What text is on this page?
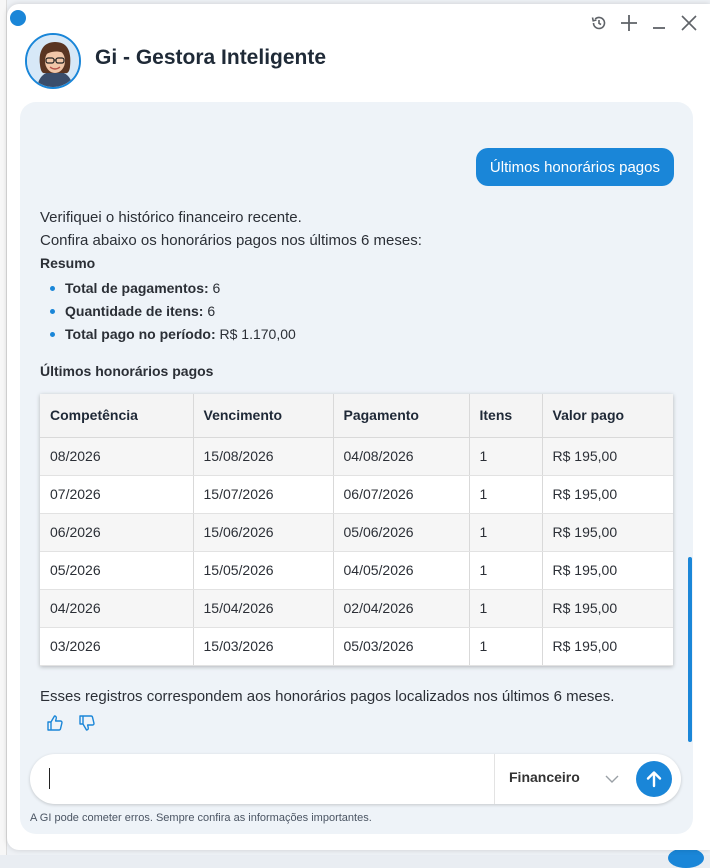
Gi - Gestora Inteligente
Últimos honorários pagos

Verifiquei o histórico financeiro recente.

Confira abaixo os honorários pagos nos últimos 6 meses:

Resumo

Total de pagamentos: 6
Quantidade de itens: 6
Total pago no período: R$ 1.170,00

Últimos honorários pagos

Competência	Vencimento	Pagamento	Itens	Valor pago
08/2026	15/08/2026	04/08/2026	1	R$ 195,00
07/2026	15/07/2026	06/07/2026	1	R$ 195,00
06/2026	15/06/2026	05/06/2026	1	R$ 195,00
05/2026	15/05/2026	04/05/2026	1	R$ 195,00
04/2026	15/04/2026	02/04/2026	1	R$ 195,00
03/2026	15/03/2026	05/03/2026	1	R$ 195,00
Esses registros correspondem aos honorários pagos localizados nos últimos 6 meses.
Financeiro
A GI pode cometer erros. Sempre confira as informações importantes.
